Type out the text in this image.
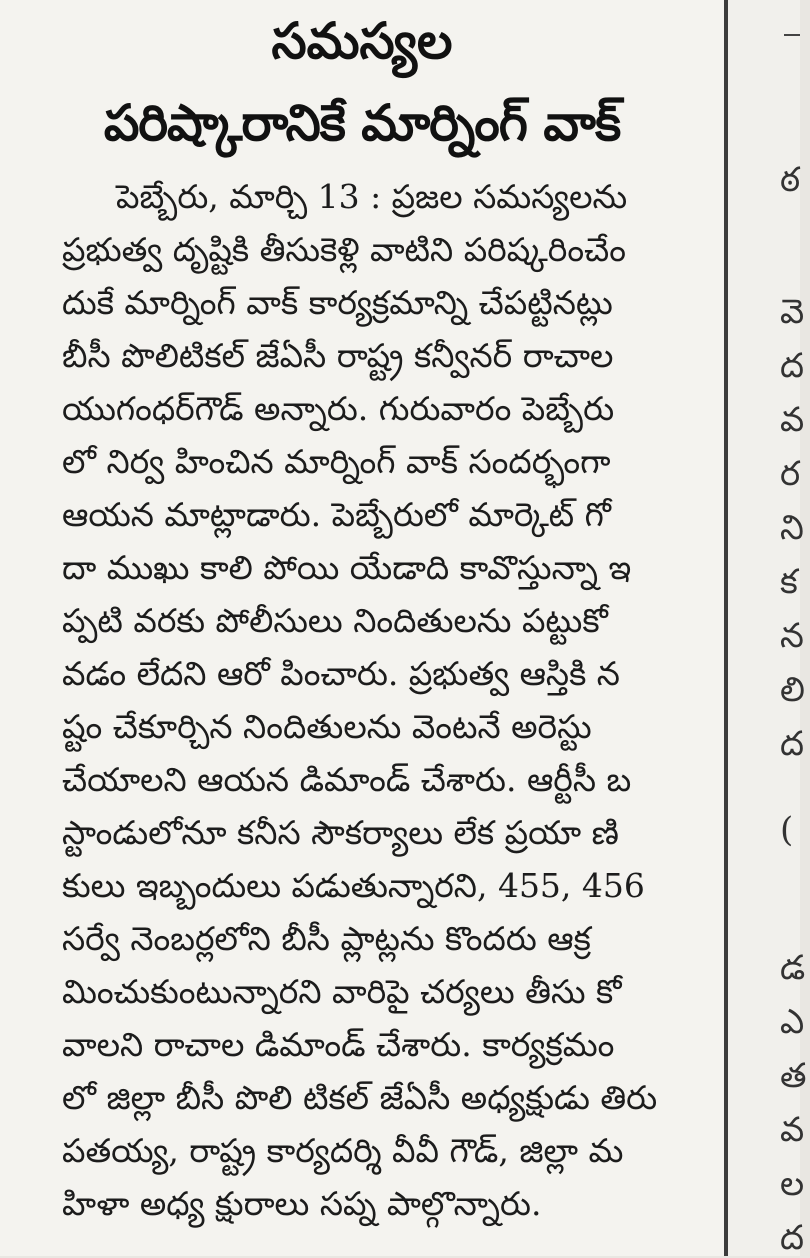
సమస్యల
పరిష్కారానికే మార్నింగ్ వాక్
పెబ్బేరు, మార్చి 13 : ప్రజల సమస్యలను
ప్రభుత్వ దృష్టికి తీసుకెళ్లి వాటిని పరిష్కరించేం
దుకే మార్నింగ్ వాక్ కార్యక్రమాన్ని చేపట్టినట్లు
బీసీ పొలిటికల్ జేఏసీ రాష్ట్ర కన్వీనర్ రాచాల
యుగంధర్‌గౌడ్ అన్నారు. గురువారం పెబ్బేరు
లో నిర్వ హించిన మార్నింగ్ వాక్ సందర్భంగా
ఆయన మాట్లాడారు. పెబ్బేరులో మార్కెట్ గో
దా ముఖు కాలి పోయి యేడాది కావొస్తున్నా ఇ
ప్పటి వరకు పోలీసులు నిందితులను పట్టుకో
వడం లేదని ఆరో పించారు. ప్రభుత్వ ఆస్తికి న
ష్టం చేకూర్చిన నిందితులను వెంటనే అరెస్టు
చేయాలని ఆయన డిమాండ్ చేశారు. ఆర్టీసీ బ
స్టాండులోనూ కనీస సౌకర్యాలు లేక ప్రయా ణి
కులు ఇబ్బందులు పడుతున్నారని, 455, 456
సర్వే నెంబర్లలోని బీసీ ప్లాట్లను కొందరు ఆక్ర
మించుకుంటున్నారని వారిపై చర్యలు తీసు కో
వాలని రాచాల డిమాండ్ చేశారు. కార్యక్రమం
లో జిల్లా బీసీ పొలి టికల్ జేఏసీ అధ్యక్షుడు తిరు
పతయ్య, రాష్ట్ర కార్యదర్శి వీవీ గౌడ్, జిల్లా మ
హిళా అధ్య క్షురాలు సప్న పాల్గొన్నారు.
ఠ
వె
ద
వ
ర
ని
క
న
లి
ద
(
డ
ఎ
త
వ
ల
ద
